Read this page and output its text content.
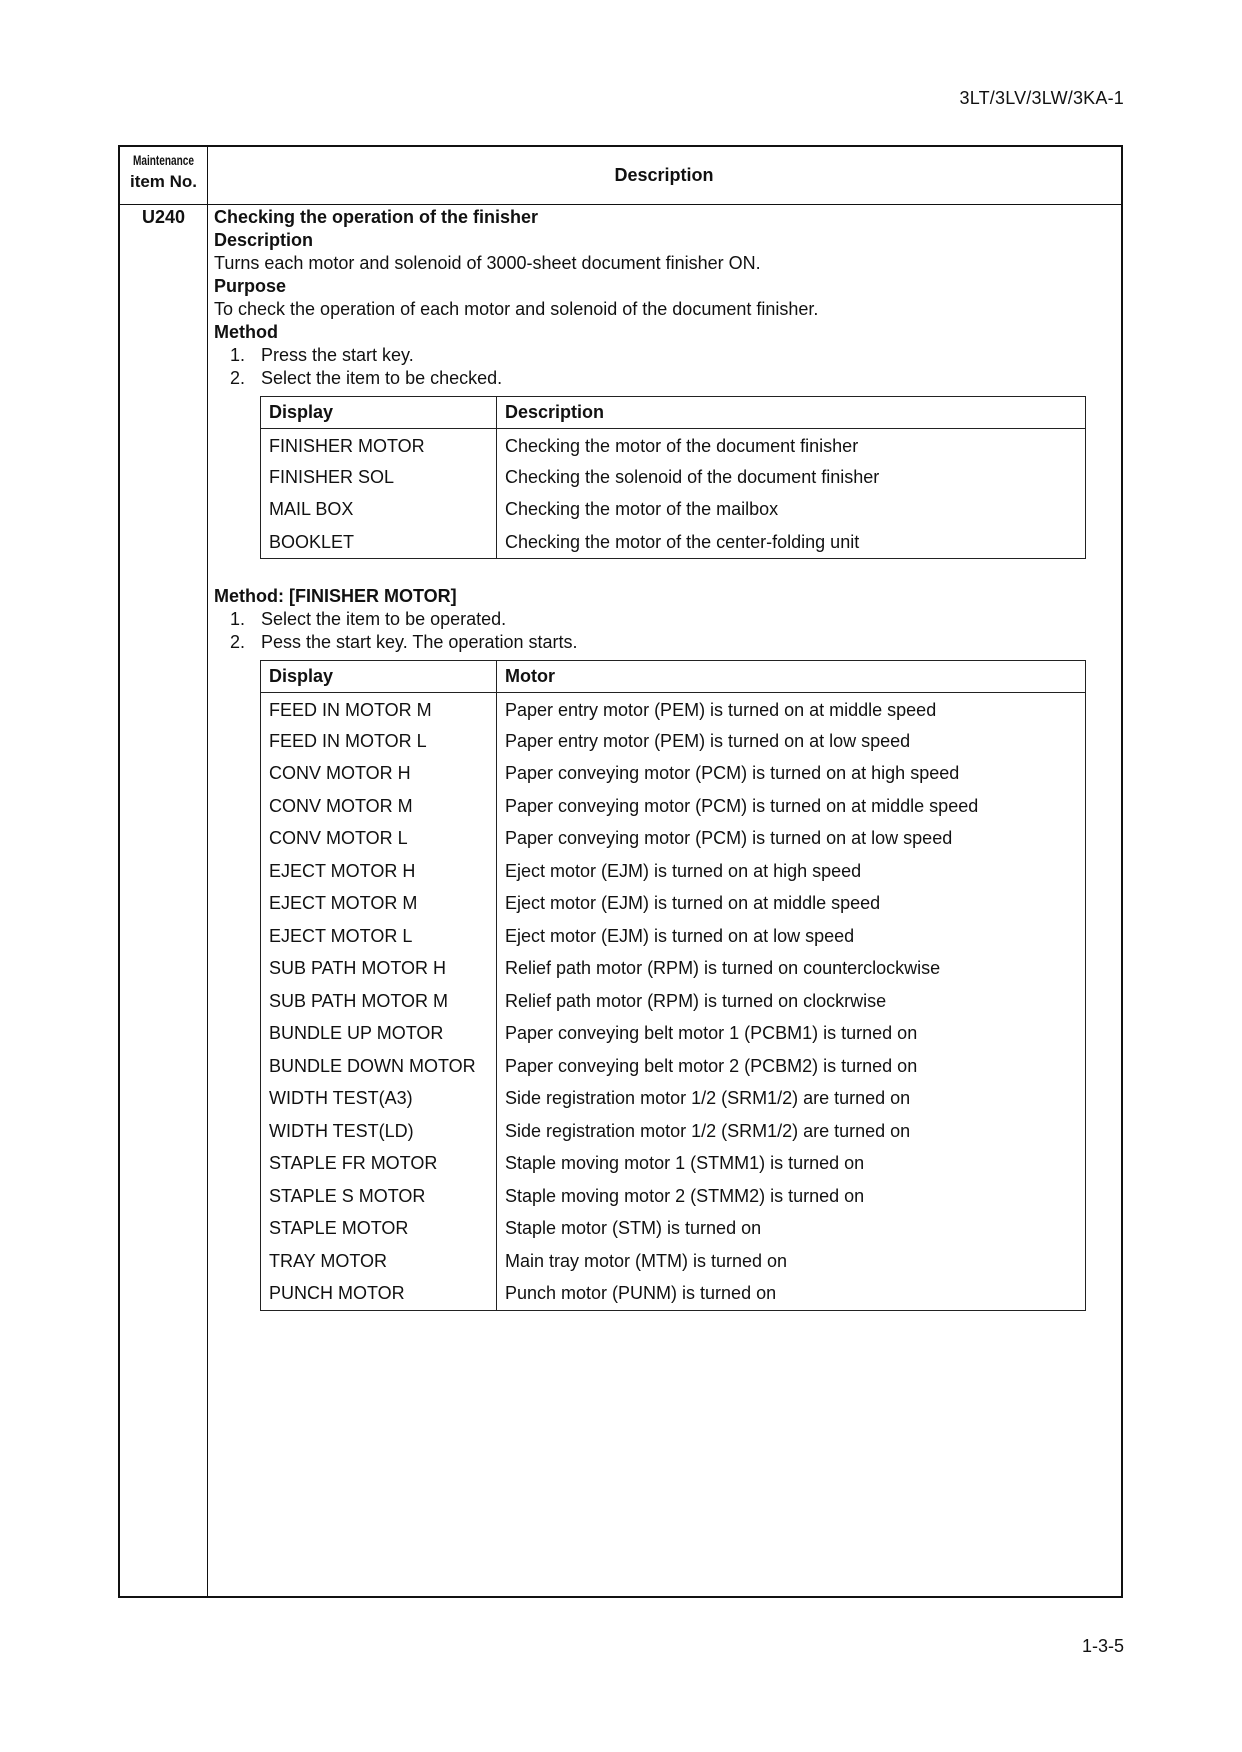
3LT/3LV/3LW/3KA-1
Maintenance
item No.	Description
U240	Checking the operation of the finisher
Description
Turns each motor and solenoid of 3000-sheet document finisher ON.
Purpose
To check the operation of each motor and solenoid of the document finisher.
Method
1. Press the start key.
2. Select the item to be checked.
Display	Description
FINISHER MOTOR	Checking the motor of the document finisher
FINISHER SOL	Checking the solenoid of the document finisher
MAIL BOX	Checking the motor of the mailbox
BOOKLET	Checking the motor of the center-folding unit
Method: [FINISHER MOTOR]
1. Select the item to be operated.
2. Pess the start key. The operation starts.
Display	Motor
FEED IN MOTOR M	Paper entry motor (PEM) is turned on at middle speed
FEED IN MOTOR L	Paper entry motor (PEM) is turned on at low speed
CONV MOTOR H	Paper conveying motor (PCM) is turned on at high speed
CONV MOTOR M	Paper conveying motor (PCM) is turned on at middle speed
CONV MOTOR L	Paper conveying motor (PCM) is turned on at low speed
EJECT MOTOR H	Eject motor (EJM) is turned on at high speed
EJECT MOTOR M	Eject motor (EJM) is turned on at middle speed
EJECT MOTOR L	Eject motor (EJM) is turned on at low speed
SUB PATH MOTOR H	Relief path motor (RPM) is turned on counterclockwise
SUB PATH MOTOR M	Relief path motor (RPM) is turned on clockrwise
BUNDLE UP MOTOR	Paper conveying belt motor 1 (PCBM1) is turned on
BUNDLE DOWN MOTOR	Paper conveying belt motor 2 (PCBM2) is turned on
WIDTH TEST(A3)	Side registration motor 1/2 (SRM1/2) are turned on
WIDTH TEST(LD)	Side registration motor 1/2 (SRM1/2) are turned on
STAPLE FR MOTOR	Staple moving motor 1 (STMM1) is turned on
STAPLE S MOTOR	Staple moving motor 2 (STMM2) is turned on
STAPLE MOTOR	Staple motor (STM) is turned on
TRAY MOTOR	Main tray motor (MTM) is turned on
PUNCH MOTOR	Punch motor (PUNM) is turned on
1-3-5
